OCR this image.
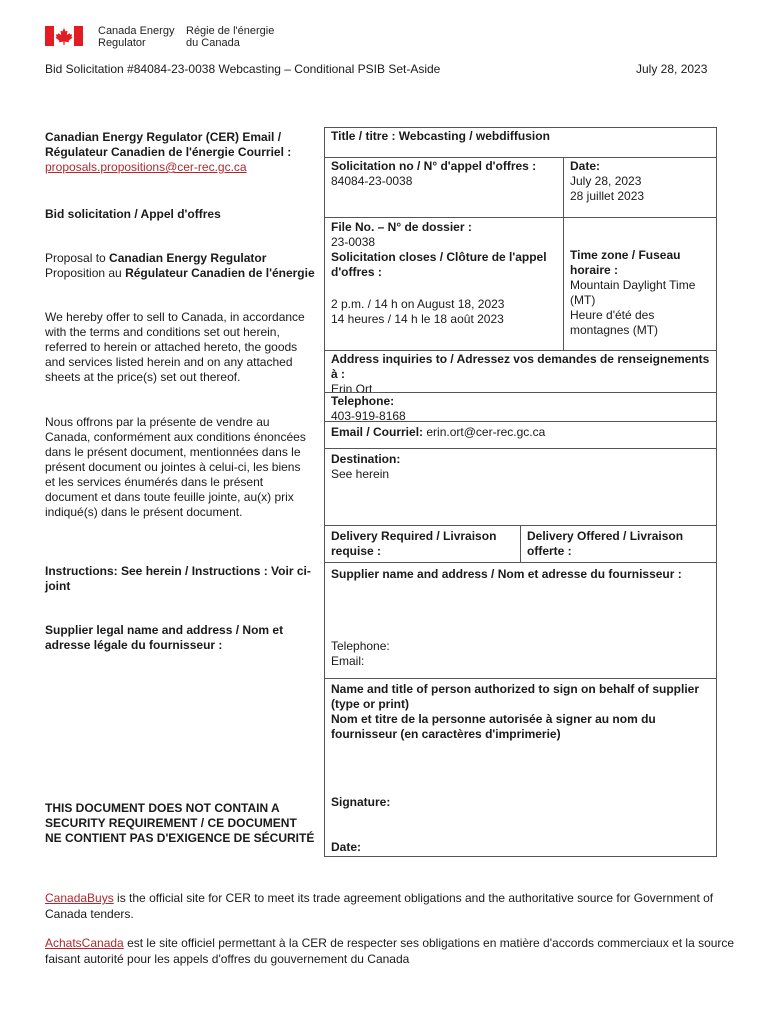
Canada Energy
Regulator
Régie de l'énergie
du Canada
Bid Solicitation #84084-23-0038 Webcasting – Conditional PSIB Set-Aside	July 28, 2023
Canadian Energy Regulator (CER) Email / Régulateur Canadien de l'énergie Courriel :
proposals.propositions@cer-rec.gc.ca
Bid solicitation / Appel d'offres
Proposal to Canadian Energy Regulator
Proposition au Régulateur Canadien de l'énergie
We hereby offer to sell to Canada, in accordance with the terms and conditions set out herein, referred to herein or attached hereto, the goods and services listed herein and on any attached sheets at the price(s) set out thereof.
Nous offrons par la présente de vendre au Canada, conformément aux conditions énoncées dans le présent document, mentionnées dans le présent document ou jointes à celui-ci, les biens et les services énumérés dans le présent document et dans toute feuille jointe, au(x) prix indiqué(s) dans le présent document.
Instructions: See herein / Instructions : Voir ci-joint
Supplier legal name and address / Nom et adresse légale du fournisseur :
THIS DOCUMENT DOES NOT CONTAIN A SECURITY REQUIREMENT / CE DOCUMENT NE CONTIENT PAS D'EXIGENCE DE SÉCURITÉ
Title / titre : Webcasting / webdiffusion
Solicitation no / N° d'appel d'offres :
84084-23-0038
Date:
July 28, 2023
28 juillet 2023
File No. – N° de dossier :
23-0038
Solicitation closes / Clôture de l'appel d'offres :
2 p.m. / 14 h on August 18, 2023
14 heures / 14 h le 18 août 2023
Time zone / Fuseau horaire :
Mountain Daylight Time (MT)
Heure d'été des montagnes (MT)
Address inquiries to / Adressez vos demandes de renseignements à :
Erin Ort
Telephone:
403-919-8168
Email / Courriel: erin.ort@cer-rec.gc.ca
Destination:
See herein
Delivery Required / Livraison requise :
Delivery Offered / Livraison offerte :
Supplier name and address / Nom et adresse du fournisseur :
Telephone:
Email:
Name and title of person authorized to sign on behalf of supplier (type or print)
Nom et titre de la personne autorisée à signer au nom du fournisseur (en caractères d'imprimerie)
Signature:
Date:
CanadaBuys is the official site for CER to meet its trade agreement obligations and the authoritative source for Government of Canada tenders.
AchatsCanada est le site officiel permettant à la CER de respecter ses obligations en matière d'accords commerciaux et la source faisant autorité pour les appels d'offres du gouvernement du Canada
